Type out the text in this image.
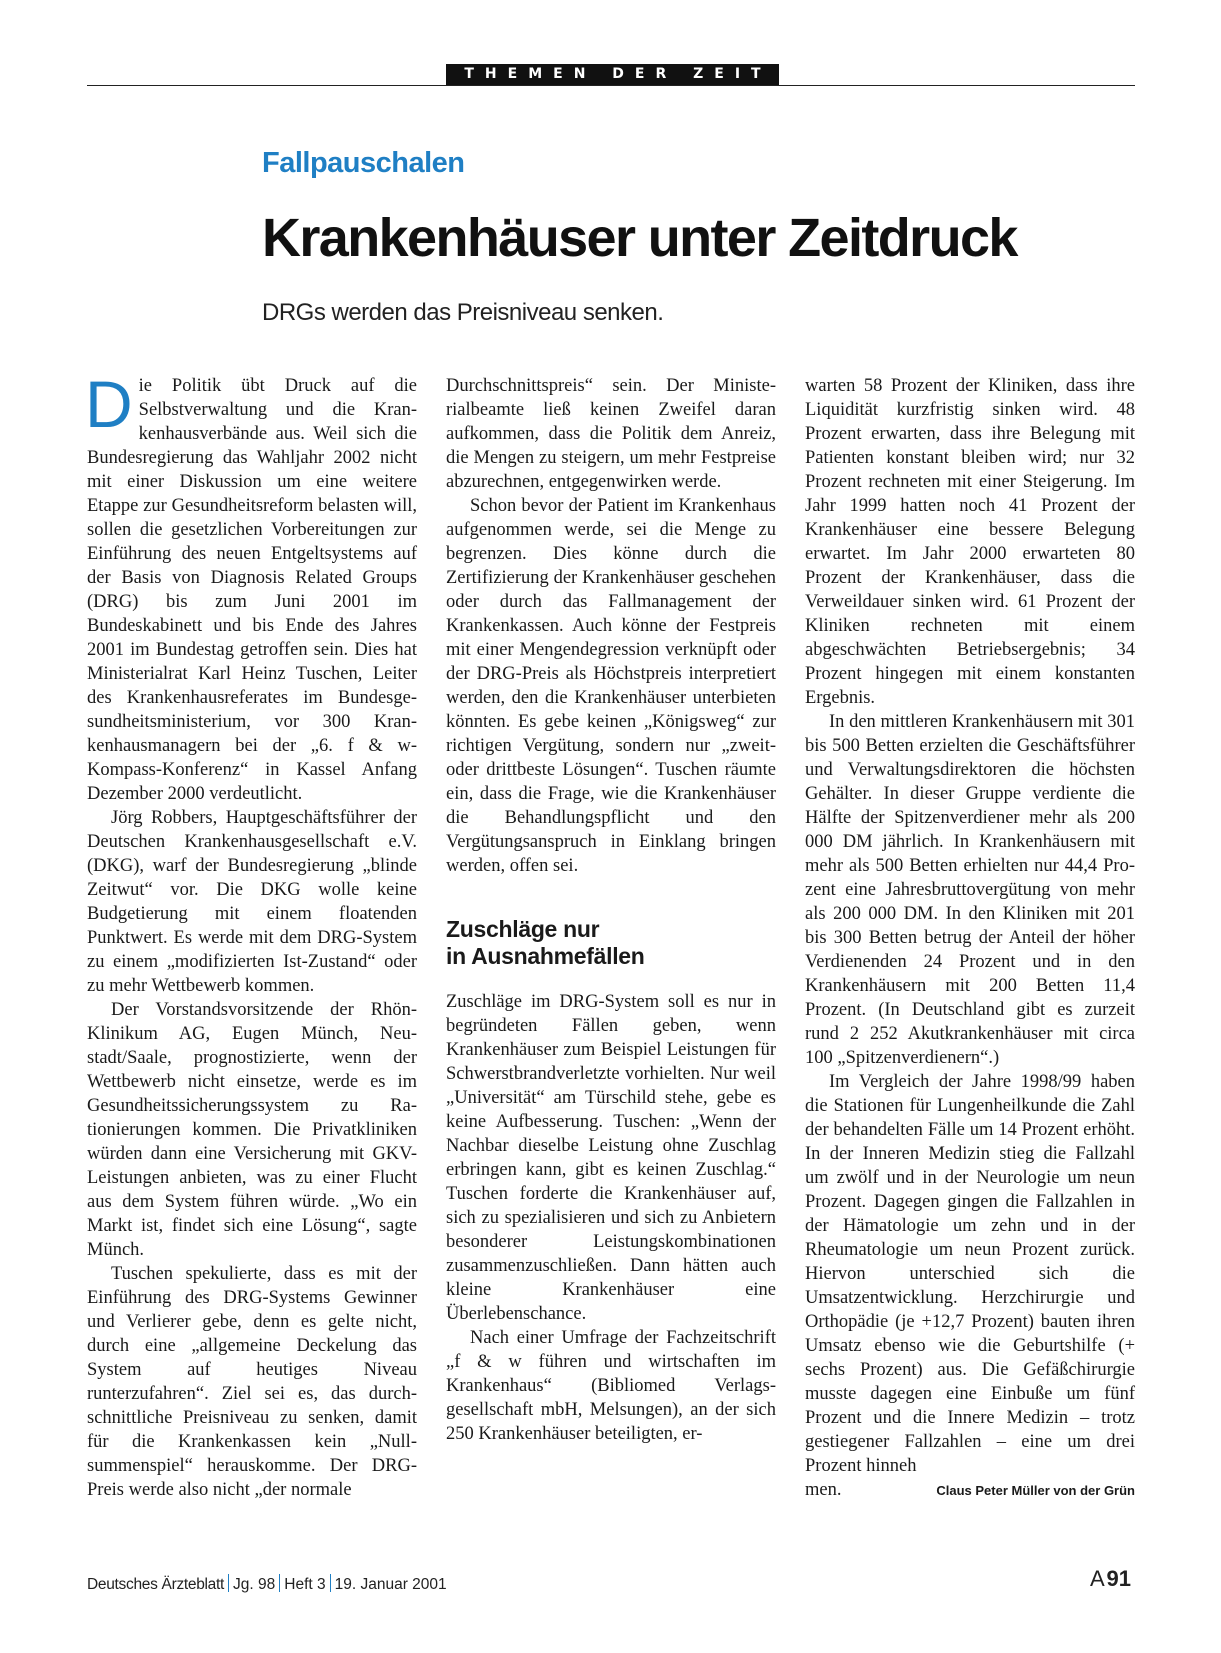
THEMEN DER ZEIT
Fallpauschalen
Krankenhäuser unter Zeitdruck
DRGs werden das Preisniveau senken.

Die Politik übt Druck auf die Selbstverwaltung und die Krankenhausverbände aus. Weil sich die Bundesregierung das Wahljahr 2002 nicht mit einer Diskussion um eine weitere Etappe zur Gesundheitsreform belasten will, sollen die gesetzlichen Vorbereitungen zur Einführung des neuen Entgeltsystems auf der Basis von Diagnosis Related Groups (DRG) bis zum Juni 2001 im Bundeskabinett und bis Ende des Jahres 2001 im Bundestag getroffen sein. Dies hat Ministerialrat Karl Heinz Tuschen, Leiter des Krankenhausreferates im Bundesgesundheitsministerium, vor 300 Krankenhausmanagern bei der „6. f & w-Kompass-Konferenz“ in Kassel Anfang Dezember 2000 verdeutlicht.

Jörg Robbers, Hauptgeschäftsführer der Deutschen Krankenhausgesellschaft e.V. (DKG), warf der Bundesregierung „blinde Zeitwut“ vor. Die DKG wolle keine Budgetierung mit einem floatenden Punktwert. Es werde mit dem DRG-System zu einem „modifizierten Ist-Zustand“ oder zu mehr Wettbewerb kommen.

Der Vorstandsvorsitzende der Rhön-Klinikum AG, Eugen Münch, Neustadt/Saale, prognostizierte, wenn der Wettbewerb nicht einsetze, werde es im Gesundheitssicherungssystem zu Rationierungen kommen. Die Privatkliniken würden dann eine Versicherung mit GKV-Leistungen anbieten, was zu einer Flucht aus dem System führen würde. „Wo ein Markt ist, findet sich eine Lösung“, sagte Münch.

Tuschen spekulierte, dass es mit der Einführung des DRG-Systems Gewinner und Verlierer gebe, denn es gelte nicht, durch eine „allgemeine Deckelung das System auf heutiges Niveau runterzufahren“. Ziel sei es, das durchschnittliche Preisniveau zu senken, damit für die Krankenkassen kein „Nullsummenspiel“ herauskomme. Der DRG-Preis werde also nicht „der normale

Durchschnittspreis“ sein. Der Ministerialbeamte ließ keinen Zweifel daran aufkommen, dass die Politik dem Anreiz, die Mengen zu steigern, um mehr Festpreise abzurechnen, entgegenwirken werde.

Schon bevor der Patient im Krankenhaus aufgenommen werde, sei die Menge zu begrenzen. Dies könne durch die Zertifizierung der Krankenhäuser geschehen oder durch das Fallmanagement der Krankenkassen. Auch könne der Festpreis mit einer Mengendegression verknüpft oder der DRG-Preis als Höchstpreis interpretiert werden, den die Krankenhäuser unterbieten könnten. Es gebe keinen „Königsweg“ zur richtigen Vergütung, sondern nur „zweit- oder drittbeste Lösungen“. Tuschen räumte ein, dass die Frage, wie die Krankenhäuser die Behandlungspflicht und den Vergütungsanspruch in Einklang bringen werden, offen sei.

Zuschläge nur
in Ausnahmefällen

Zuschläge im DRG-System soll es nur in begründeten Fällen geben, wenn Krankenhäuser zum Beispiel Leistungen für Schwerstbrandverletzte vorhielten. Nur weil „Universität“ am Türschild stehe, gebe es keine Aufbesserung. Tuschen: „Wenn der Nachbar dieselbe Leistung ohne Zuschlag erbringen kann, gibt es keinen Zuschlag.“ Tuschen forderte die Krankenhäuser auf, sich zu spezialisieren und sich zu Anbietern besonderer Leistungskombinationen zusammenzuschließen. Dann hätten auch kleine Krankenhäuser eine Überlebenschance.

Nach einer Umfrage der Fachzeitschrift „f & w führen und wirtschaften im Krankenhaus“ (Bibliomed Verlagsgesellschaft mbH, Melsungen), an der sich 250 Krankenhäuser beteiligten, er-

warten 58 Prozent der Kliniken, dass ihre Liquidität kurzfristig sinken wird. 48 Prozent erwarten, dass ihre Belegung mit Patienten konstant bleiben wird; nur 32 Prozent rechneten mit einer Steigerung. Im Jahr 1999 hatten noch 41 Prozent der Krankenhäuser eine bessere Belegung erwartet. Im Jahr 2000 erwarteten 80 Prozent der Krankenhäuser, dass die Verweildauer sinken wird. 61 Prozent der Kliniken rechneten mit einem abgeschwächten Betriebsergebnis; 34 Prozent hingegen mit einem konstanten Ergebnis.

In den mittleren Krankenhäusern mit 301 bis 500 Betten erzielten die Geschäftsführer und Verwaltungsdirektoren die höchsten Gehälter. In dieser Gruppe verdiente die Hälfte der Spitzenverdiener mehr als 200 000 DM jährlich. In Krankenhäusern mit mehr als 500 Betten erhielten nur 44,4 Prozent eine Jahresbruttovergütung von mehr als 200 000 DM. In den Kliniken mit 201 bis 300 Betten betrug der Anteil der höher Verdienenden 24 Prozent und in den Krankenhäusern mit 200 Betten 11,4 Prozent. (In Deutschland gibt es zurzeit rund 2 252 Akutkrankenhäuser mit circa 100 „Spitzenverdienern“.)

Im Vergleich der Jahre 1998/99 haben die Stationen für Lungenheilkunde die Zahl der behandelten Fälle um 14 Prozent erhöht. In der Inneren Medizin stieg die Fallzahl um zwölf und in der Neurologie um neun Prozent. Dagegen gingen die Fallzahlen in der Hämatologie um zehn und in der Rheumatologie um neun Prozent zurück. Hiervon unterschied sich die Umsatzentwicklung. Herzchirurgie und Orthopädie (je +12,7 Prozent) bauten ihren Umsatz ebenso wie die Geburtshilfe (+ sechs Prozent) aus. Die Gefäßchirurgie musste dagegen eine Einbuße um fünf Prozent und die Innere Medizin – trotz gestiegener Fallzahlen – eine um drei Prozent hinneh

men.	Claus Peter Müller von der Grün
Deutsches Ärzteblatt Jg. 98 Heft 3 19. Januar 2001	A 91
